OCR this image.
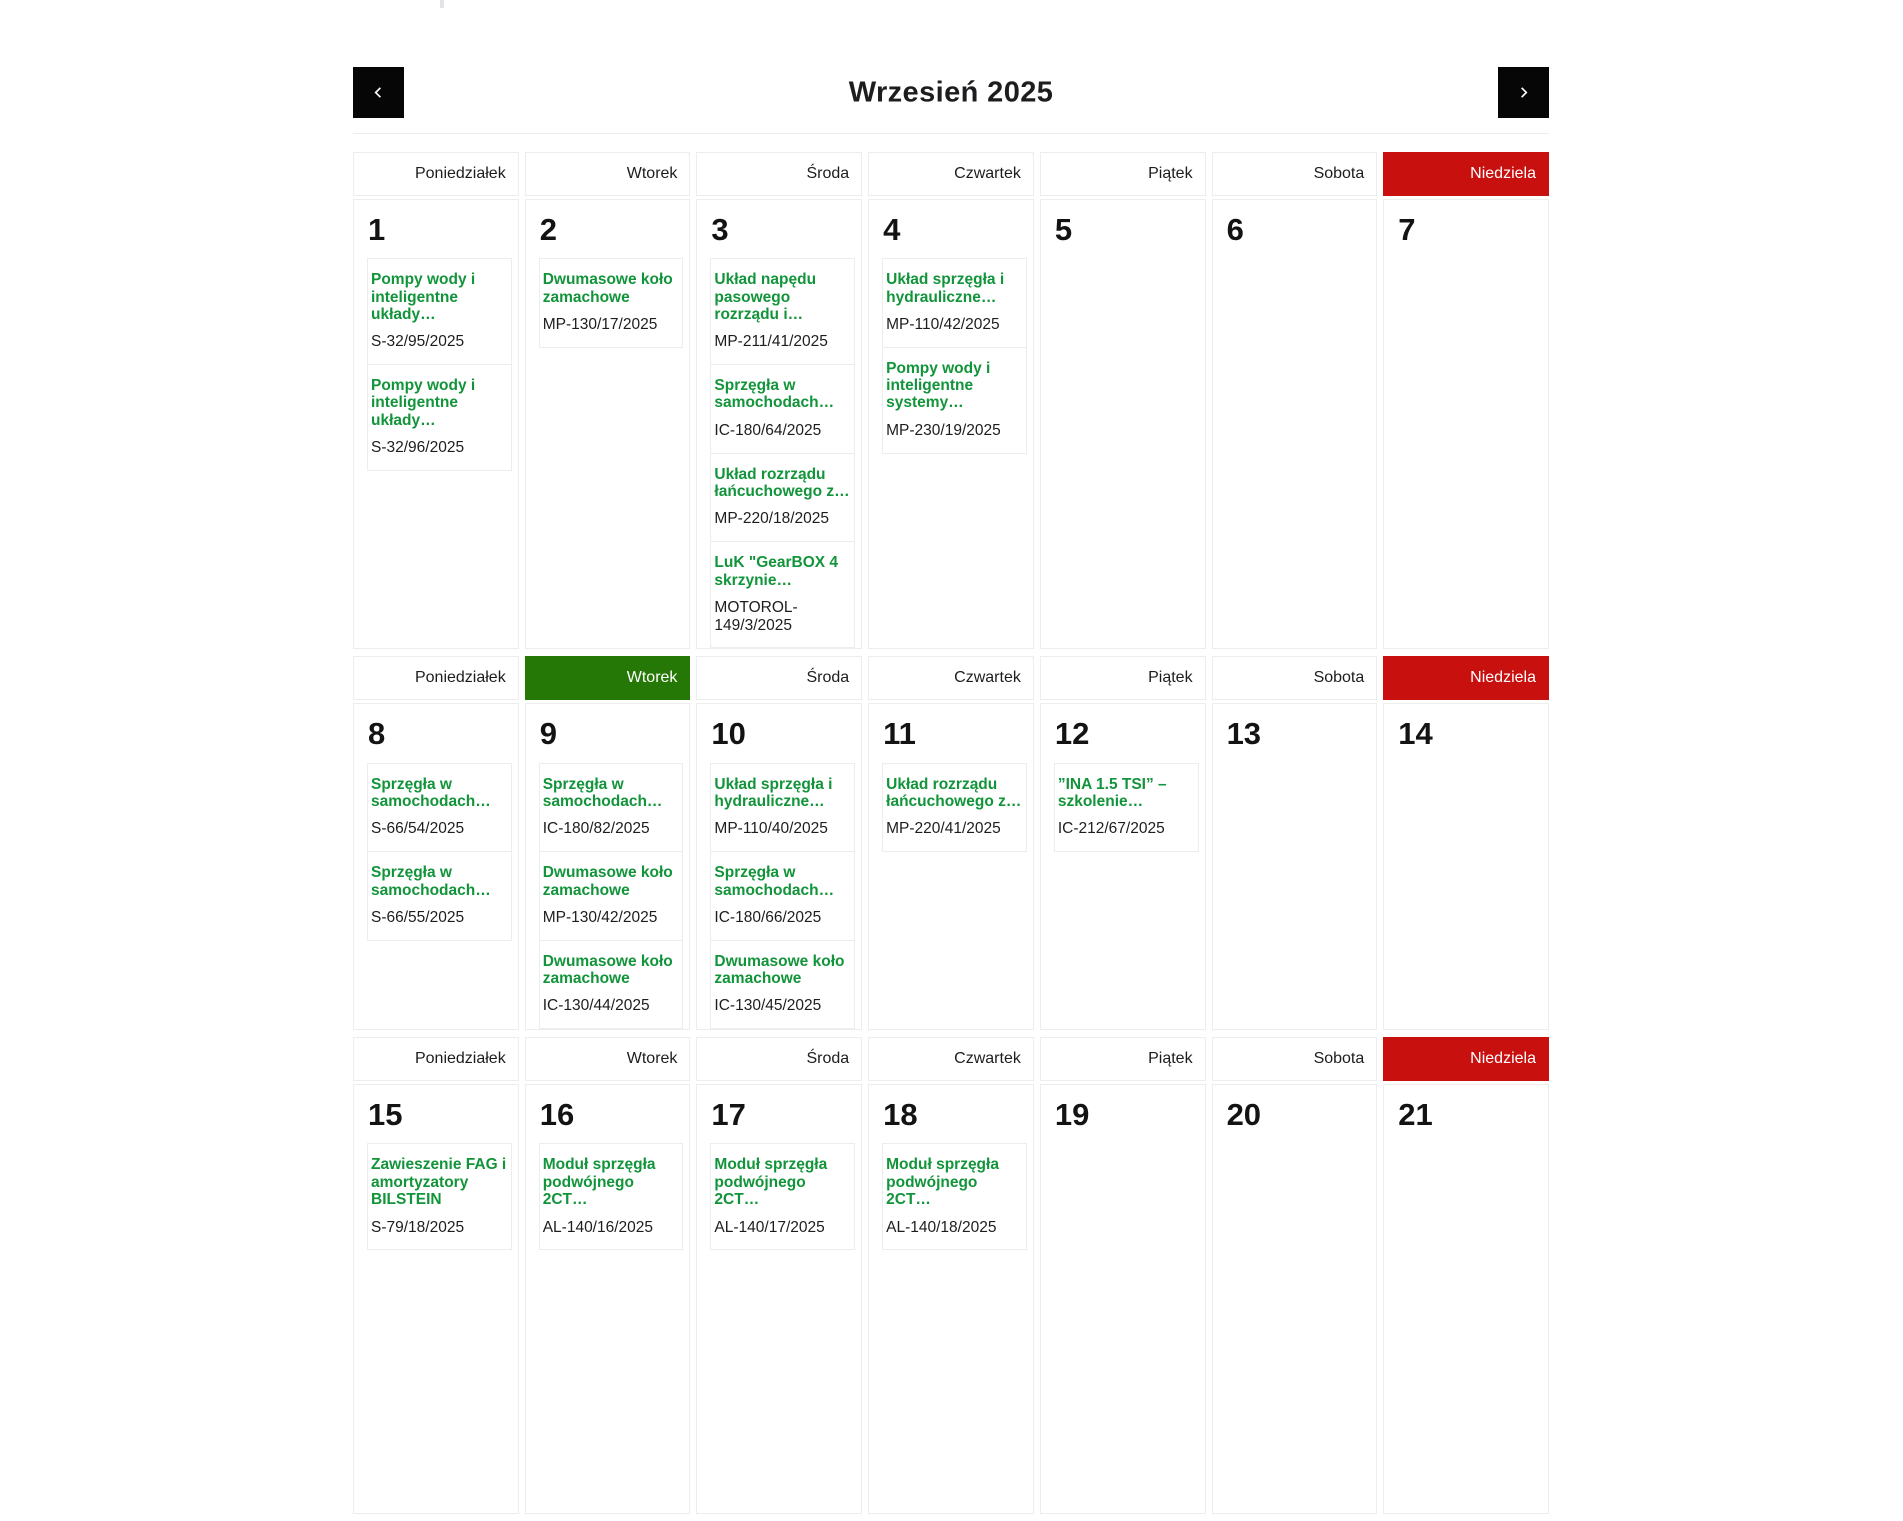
Wrzesień 2025
Poniedziałek	Wtorek	Środa	Czwartek	Piątek	Sobota	Niedziela
1
Pompy wody i inteligentne układy…
S-32/95/2025
Pompy wody i inteligentne układy…
S-32/96/2025
2
Dwumasowe koło zamachowe
MP-130/17/2025
3
Układ napędu pasowego rozrządu i…
MP-211/41/2025
Sprzęgła w samochodach…
IC-180/64/2025
Układ rozrządu łańcuchowego z…
MP-220/18/2025
LuK "GearBOX 4 skrzynie…
MOTOROL-149/3/2025
4
Układ sprzęgła i hydrauliczne…
MP-110/42/2025
Pompy wody i inteligentne systemy…
MP-230/19/2025
5	6	7
Poniedziałek	Wtorek	Środa	Czwartek	Piątek	Sobota	Niedziela
8
Sprzęgła w samochodach…
S-66/54/2025
Sprzęgła w samochodach…
S-66/55/2025
9
Sprzęgła w samochodach…
IC-180/82/2025
Dwumasowe koło zamachowe
MP-130/42/2025
Dwumasowe koło zamachowe
IC-130/44/2025
10
Układ sprzęgła i hydrauliczne…
MP-110/40/2025
Sprzęgła w samochodach…
IC-180/66/2025
Dwumasowe koło zamachowe
IC-130/45/2025
11
Układ rozrządu łańcuchowego z…
MP-220/41/2025
12
”INA 1.5 TSI” – szkolenie…
IC-212/67/2025
13	14
Poniedziałek	Wtorek	Środa	Czwartek	Piątek	Sobota	Niedziela
15
Zawieszenie FAG i amortyzatory BILSTEIN
S-79/18/2025
16
Moduł sprzęgła podwójnego 2CT…
AL-140/16/2025
17
Moduł sprzęgła podwójnego 2CT…
AL-140/17/2025
18
Moduł sprzęgła podwójnego 2CT…
AL-140/18/2025
19	20	21
